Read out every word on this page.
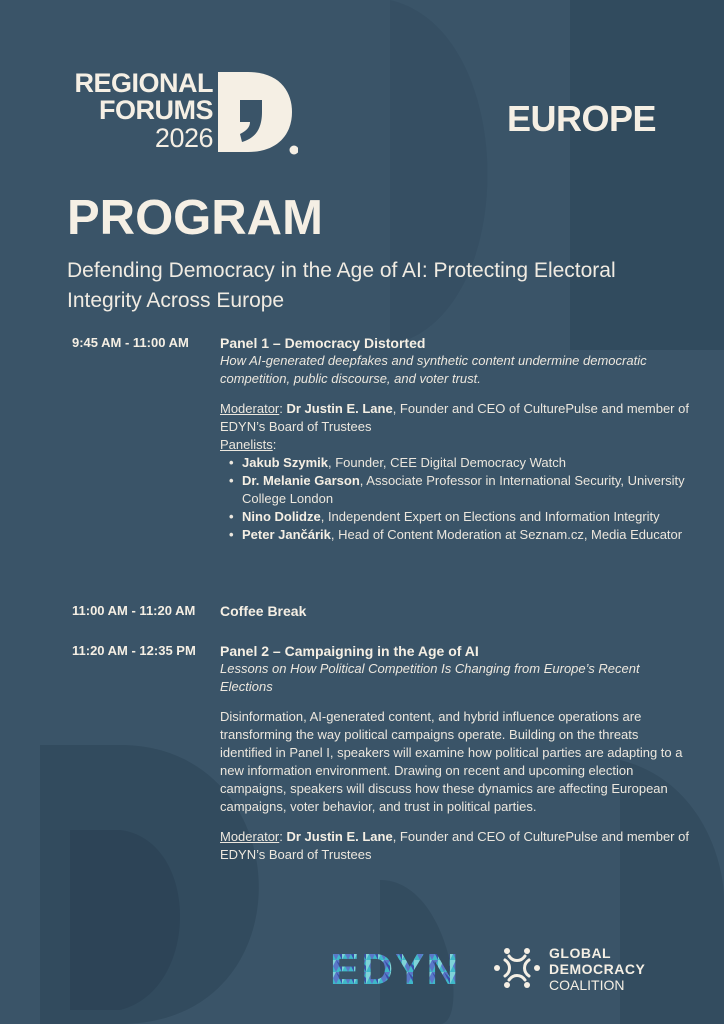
REGIONAL
FORUMS
2026	EUROPE
PROGRAM
Defending Democracy in the Age of AI: Protecting Electoral Integrity Across Europe
9:45 AM - 11:00 AM Panel 1 – Democracy Distorted
How AI-generated deepfakes and synthetic content undermine democratic competition, public discourse, and voter trust.

Moderator: Dr Justin E. Lane, Founder and CEO of CulturePulse and member of EDYN’s Board of Trustees

Panelists:

• Jakub Szymik, Founder, CEE Digital Democracy Watch
• Dr. Melanie Garson, Associate Professor in International Security, University College London
• Nino Dolidze, Independent Expert on Elections and Information Integrity
• Peter Jančárik, Head of Content Moderation at Seznam.cz, Media Educator
11:00 AM - 11:20 AM Coffee Break
11:20 AM - 12:35 PM Panel 2 – Campaigning in the Age of AI
Lessons on How Political Competition Is Changing from Europe’s Recent Elections

Disinformation, AI-generated content, and hybrid influence operations are transforming the way political campaigns operate. Building on the threats identified in Panel I, speakers will examine how political parties are adapting to a new information environment. Drawing on recent and upcoming election campaigns, speakers will discuss how these dynamics are affecting European campaigns, voter behavior, and trust in political parties.

Moderator: Dr Justin E. Lane, Founder and CEO of CulturePulse and member of EDYN’s Board of Trustees

EDYN	GLOBAL
DEMOCRACY
COALITION
